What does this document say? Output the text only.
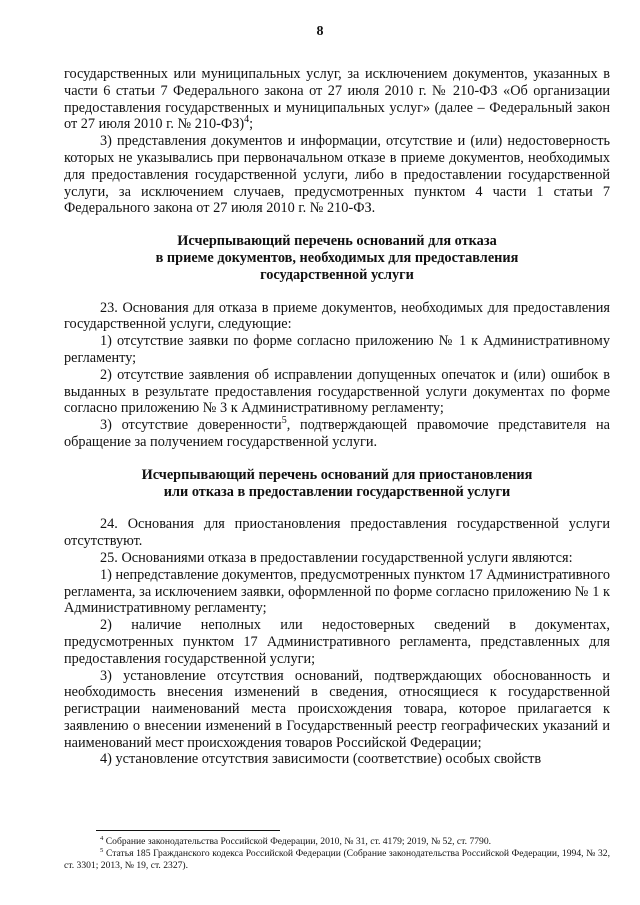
8

государственных или муниципальных услуг, за исключением документов, указанных в части 6 статьи 7 Федерального закона от 27 июля 2010 г. № 210-ФЗ «Об организации предоставления государственных и муниципальных услуг» (далее – Федеральный закон от 27 июля 2010 г. № 210-ФЗ)$^4$;

3) представления документов и информации, отсутствие и (или) недостоверность которых не указывались при первоначальном отказе в приеме документов, необходимых для предоставления государственной услуги, либо в предоставлении государственной услуги, за исключением случаев, предусмотренных пунктом 4 части 1 статьи 7 Федерального закона от 27 июля 2010 г. № 210-ФЗ.

Исчерпывающий перечень оснований для отказа
в приеме документов, необходимых для предоставления
государственной услуги

23. Основания для отказа в приеме документов, необходимых для предоставления государственной услуги, следующие:

1) отсутствие заявки по форме согласно приложению № 1 к Административному регламенту;

2) отсутствие заявления об исправлении допущенных опечаток и (или) ошибок в выданных в результате предоставления государственной услуги документах по форме согласно приложению № 3 к Административному регламенту;

3) отсутствие доверенности$^5$, подтверждающей правомочие представителя на обращение за получением государственной услуги.

Исчерпывающий перечень оснований для приостановления
или отказа в предоставлении государственной услуги

24. Основания для приостановления предоставления государственной услуги отсутствуют.

25. Основаниями отказа в предоставлении государственной услуги являются:

1) непредставление документов, предусмотренных пунктом 17 Административного регламента, за исключением заявки, оформленной по форме согласно приложению № 1 к Административному регламенту;

2) наличие неполных или недостоверных сведений в документах, предусмотренных пунктом 17 Административного регламента, представленных для предоставления государственной услуги;

3) установление отсутствия оснований, подтверждающих обоснованность и необходимость внесения изменений в сведения, относящиеся к государственной регистрации наименований места происхождения товара, которое прилагается к заявлению о внесении изменений в Государственный реестр географических указаний и наименований мест происхождения товаров Российской Федерации;

4) установление отсутствия зависимости (соответствие) особых свойств

$^4$ Собрание законодательства Российской Федерации, 2010, № 31, ст. 4179; 2019, № 52, ст. 7790.

$^5$ Статья 185 Гражданского кодекса Российской Федерации (Собрание законодательства Российской Федерации, 1994, № 32, ст. 3301; 2013, № 19, ст. 2327).
